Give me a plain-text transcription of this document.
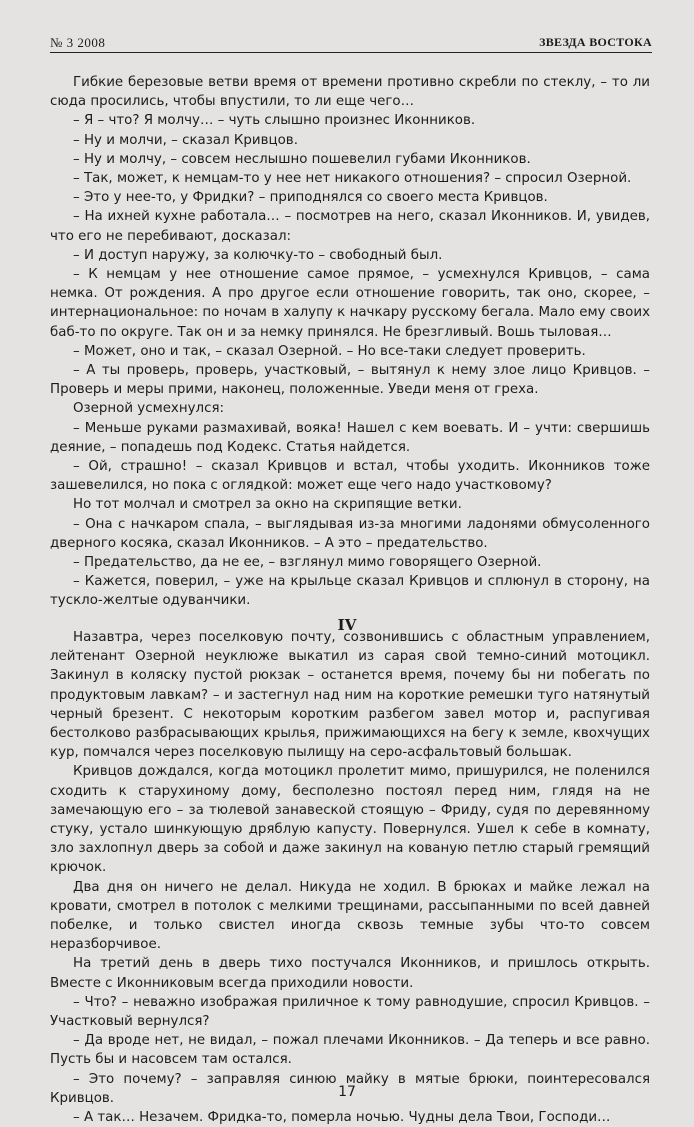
№ 3 2008	ЗВЕЗДА ВОСТОКА

Гибкие березовые ветви время от времени противно скребли по стеклу, – то ли сюда просились, чтобы впустили, то ли еще чего…

– Я – что? Я молчу… – чуть слышно произнес Иконников.

– Ну и молчи, – сказал Кривцов.

– Ну и молчу, – совсем неслышно пошевелил губами Иконников.

– Так, может, к немцам-то у нее нет никакого отношения? – спросил Озерной.

– Это у нее-то, у Фридки? – приподнялся со своего места Кривцов.

– На ихней кухне работала… – посмотрев на него, сказал Иконников. И, увидев, что его не перебивают, досказал:

– И доступ наружу, за колючку-то – свободный был.

– К немцам у нее отношение самое прямое, – усмехнулся Кривцов, – сама немка. От рождения. А про другое если отношение говорить, так оно, скорее, – интернациональное: по ночам в халупу к начкару русскому бегала. Мало ему своих баб-то по округе. Так он и за немку принялся. Не брезгливый. Вошь тыловая…

– Может, оно и так, – сказал Озерной. – Но все-таки следует проверить.

– А ты проверь, проверь, участковый, – вытянул к нему злое лицо Кривцов. – Проверь и меры прими, наконец, положенные. Уведи меня от греха.

Озерной усмехнулся:

– Меньше руками размахивай, вояка! Нашел с кем воевать. И – учти: свершишь деяние, – попадешь под Кодекс. Статья найдется.

– Ой, страшно! – сказал Кривцов и встал, чтобы уходить. Иконников тоже зашевелился, но пока с оглядкой: может еще чего надо участковому?

Но тот молчал и смотрел за окно на скрипящие ветки.

– Она с начкаром спала, – выглядывая из-за многими ладонями обмусоленного дверного косяка, сказал Иконников. – А это – предательство.

– Предательство, да не ее, – взглянул мимо говорящего Озерной.

– Кажется, поверил, – уже на крыльце сказал Кривцов и сплюнул в сторону, на тускло-желтые одуванчики.

IV

Назавтра, через поселковую почту, созвонившись с областным управлением, лейтенант Озерной неуклюже выкатил из сарая свой темно-синий мотоцикл. Закинул в коляску пустой рюкзак – останется время, почему бы ни побегать по продуктовым лавкам? – и застегнул над ним на короткие ремешки туго натянутый черный брезент. С некоторым коротким разбегом завел мотор и, распугивая бестолково разбрасывающих крылья, прижимающихся на бегу к земле, квохчущих кур, помчался через поселковую пылищу на серо-асфальтовый большак.

Кривцов дождался, когда мотоцикл пролетит мимо, пришурился, не поленился сходить к старухиному дому, бесполезно постоял перед ним, глядя на не замечающую его – за тюлевой занавеской стоящую – Фриду, судя по деревянному стуку, устало шинкующую дряблую капусту. Повернулся. Ушел к себе в комнату, зло захлопнул дверь за собой и даже закинул на кованую петлю старый гремящий крючок.

Два дня он ничего не делал. Никуда не ходил. В брюках и майке лежал на кровати, смотрел в потолок с мелкими трещинами, рассыпанными по всей давней побелке, и только свистел иногда сквозь темные зубы что-то совсем неразборчивое.

На третий день в дверь тихо постучался Иконников, и пришлось открыть. Вместе с Иконниковым всегда приходили новости.

– Что? – неважно изображая приличное к тому равнодушие, спросил Кривцов. – Участковый вернулся?

– Да вроде нет, не видал, – пожал плечами Иконников. – Да теперь и все равно. Пусть бы и насовсем там остался.

– Это почему? – заправляя синюю майку в мятые брюки, поинтересовался Кривцов.

– А так… Незачем. Фридка-то, померла ночью. Чудны дела Твои, Господи…

17
